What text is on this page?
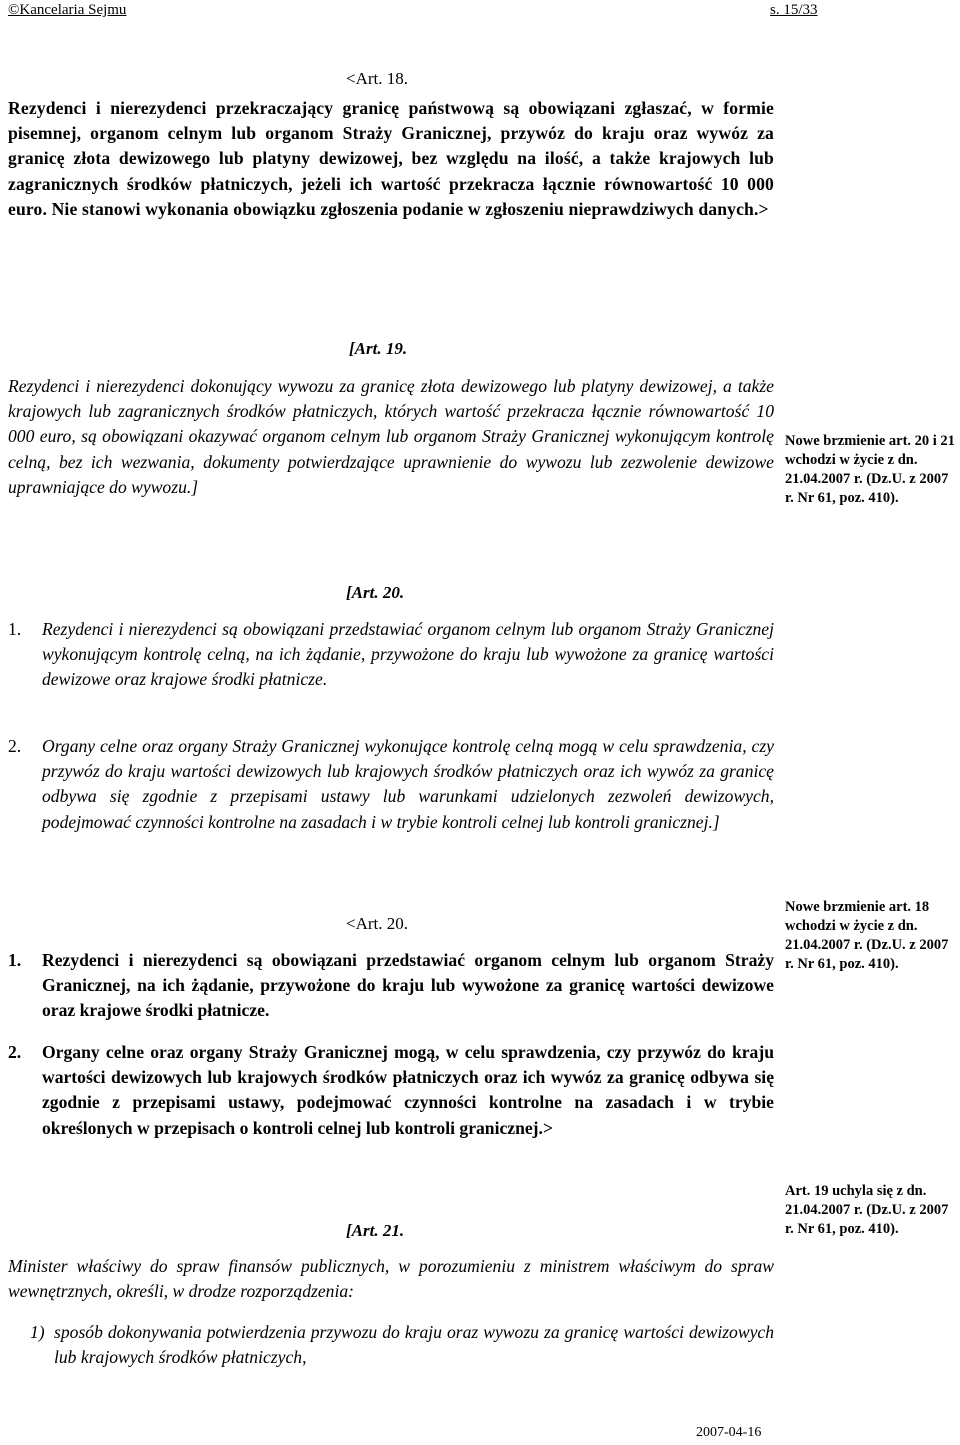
©Kancelaria Sejmu	s. 15/33
<Art. 18.
Rezydenci i nierezydenci przekraczający granicę państwową są obowiązani zgłaszać, w formie pisemnej, organom celnym lub organom Straży Granicznej, przywóz do kraju oraz wywóz za granicę złota dewizowego lub platyny dewizowej, bez względu na ilość, a także krajowych lub zagranicznych środków płatniczych, jeżeli ich wartość przekracza łącznie równowartość 10 000 euro. Nie stanowi wykonania obowiązku zgłoszenia podanie w zgłoszeniu nieprawdziwych danych.>
[Art. 19.
Rezydenci i nierezydenci dokonujący wywozu za granicę złota dewizowego lub platyny dewizowej, a także krajowych lub zagranicznych środków płatniczych, których wartość przekracza łącznie równowartość 10 000 euro, są obowiązani okazywać organom celnym lub organom Straży Granicznej wykonującym kontrolę celną, bez ich wezwania, dokumenty potwierdzające uprawnienie do wywozu lub zezwolenie dewizowe uprawniające do wywozu.]
Nowe brzmienie art. 20 i 21 wchodzi w życie z dn. 21.04.2007 r. (Dz.U. z 2007 r. Nr 61, poz. 410).
[Art. 20.
1. Rezydenci i nierezydenci są obowiązani przedstawiać organom celnym lub organom Straży Granicznej wykonującym kontrolę celną, na ich żądanie, przywożone do kraju lub wywożone za granicę wartości dewizowe oraz krajowe środki płatnicze.
2. Organy celne oraz organy Straży Granicznej wykonujące kontrolę celną mogą w celu sprawdzenia, czy przywóz do kraju wartości dewizowych lub krajowych środków płatniczych oraz ich wywóz za granicę odbywa się zgodnie z przepisami ustawy lub warunkami udzielonych zezwoleń dewizowych, podejmować czynności kontrolne na zasadach i w trybie kontroli celnej lub kontroli granicznej.]
<Art. 20.
1. Rezydenci i nierezydenci są obowiązani przedstawiać organom celnym lub organom Straży Granicznej, na ich żądanie, przywożone do kraju lub wywożone za granicę wartości dewizowe oraz krajowe środki płatnicze.
2. Organy celne oraz organy Straży Granicznej mogą, w celu sprawdzenia, czy przywóz do kraju wartości dewizowych lub krajowych środków płatniczych oraz ich wywóz za granicę odbywa się zgodnie z przepisami ustawy, podejmować czynności kontrolne na zasadach i w trybie określonych w przepisach o kontroli celnej lub kontroli granicznej.>
Nowe brzmienie art. 18 wchodzi w życie z dn. 21.04.2007 r. (Dz.U. z 2007 r. Nr 61, poz. 410).
Art. 19 uchyla się z dn. 21.04.2007 r. (Dz.U. z 2007 r. Nr 61, poz. 410).
[Art. 21.
Minister właściwy do spraw finansów publicznych, w porozumieniu z ministrem właściwym do spraw wewnętrznych, określi, w drodze rozporządzenia:
1) sposób dokonywania potwierdzenia przywozu do kraju oraz wywozu za granicę wartości dewizowych lub krajowych środków płatniczych,
2007-04-16
